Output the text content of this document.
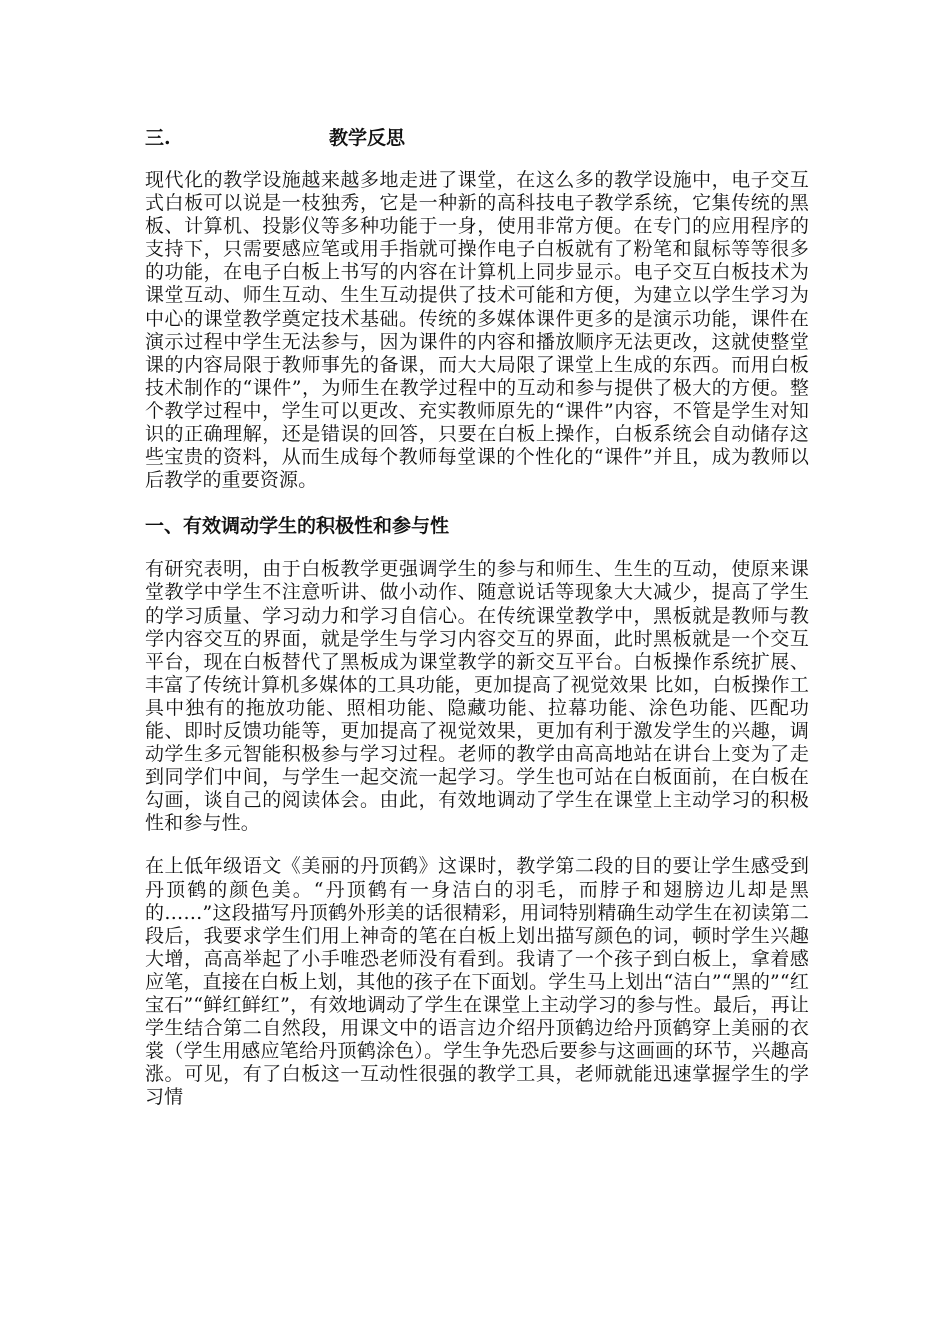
三.	教学反思

现代化的教学设施越来越多地走进了课堂，在这么多的教学设施中，电子交互式白板可以说是一枝独秀，它是一种新的高科技电子教学系统，它集传统的黑板、计算机、投影仪等多种功能于一身，使用非常方便。在专门的应用程序的支持下，只需要感应笔或用手指就可操作电子白板就有了粉笔和鼠标等等很多的功能，在电子白板上书写的内容在计算机上同步显示。电子交互白板技术为课堂互动、师生互动、生生互动提供了技术可能和方便，为建立以学生学习为中心的课堂教学奠定技术基础。传统的多媒体课件更多的是演示功能，课件在演示过程中学生无法参与，因为课件的内容和播放顺序无法更改，这就使整堂课的内容局限于教师事先的备课，而大大局限了课堂上生成的东西。而用白板技术制作的“课件”，为师生在教学过程中的互动和参与提供了极大的方便。整个教学过程中，学生可以更改、充实教师原先的“课件”内容，不管是学生对知识的正确理解，还是错误的回答，只要在白板上操作，白板系统会自动储存这些宝贵的资料，从而生成每个教师每堂课的个性化的“课件”并且，成为教师以后教学的重要资源。

一、有效调动学生的积极性和参与性

有研究表明，由于白板教学更强调学生的参与和师生、生生的互动，使原来课堂教学中学生不注意听讲、做小动作、随意说话等现象大大减少，提高了学生的学习质量、学习动力和学习自信心。在传统课堂教学中，黑板就是教师与教学内容交互的界面，就是学生与学习内容交互的界面，此时黑板就是一个交互平台，现在白板替代了黑板成为课堂教学的新交互平台。白板操作系统扩展、丰富了传统计算机多媒体的工具功能，更加提高了视觉效果 比如，白板操作工具中独有的拖放功能、照相功能、隐藏功能、拉幕功能、涂色功能、匹配功能、即时反馈功能等，更加提高了视觉效果，更加有利于激发学生的兴趣，调动学生多元智能积极参与学习过程。老师的教学由高高地站在讲台上变为了走到同学们中间，与学生一起交流一起学习。学生也可站在白板面前，在白板在勾画，谈自己的阅读体会。由此，有效地调动了学生在课堂上主动学习的积极性和参与性。

在上低年级语文《美丽的丹顶鹤》这课时，教学第二段的目的要让学生感受到丹顶鹤的颜色美。“丹顶鹤有一身洁白的羽毛，而脖子和翅膀边儿却是黑的……”这段描写丹顶鹤外形美的话很精彩，用词特别精确生动学生在初读第二段后，我要求学生们用上神奇的笔在白板上划出描写颜色的词，顿时学生兴趣大增，高高举起了小手唯恐老师没有看到。我请了一个孩子到白板上，拿着感应笔，直接在白板上划，其他的孩子在下面划。学生马上划出“洁白”“黑的”“红宝石”“鲜红鲜红”，有效地调动了学生在课堂上主动学习的参与性。最后，再让学生结合第二自然段，用课文中的语言边介绍丹顶鹤边给丹顶鹤穿上美丽的衣裳（学生用感应笔给丹顶鹤涂色）。学生争先恐后要参与这画画的环节，兴趣高涨。可见，有了白板这一互动性很强的教学工具，老师就能迅速掌握学生的学习情
